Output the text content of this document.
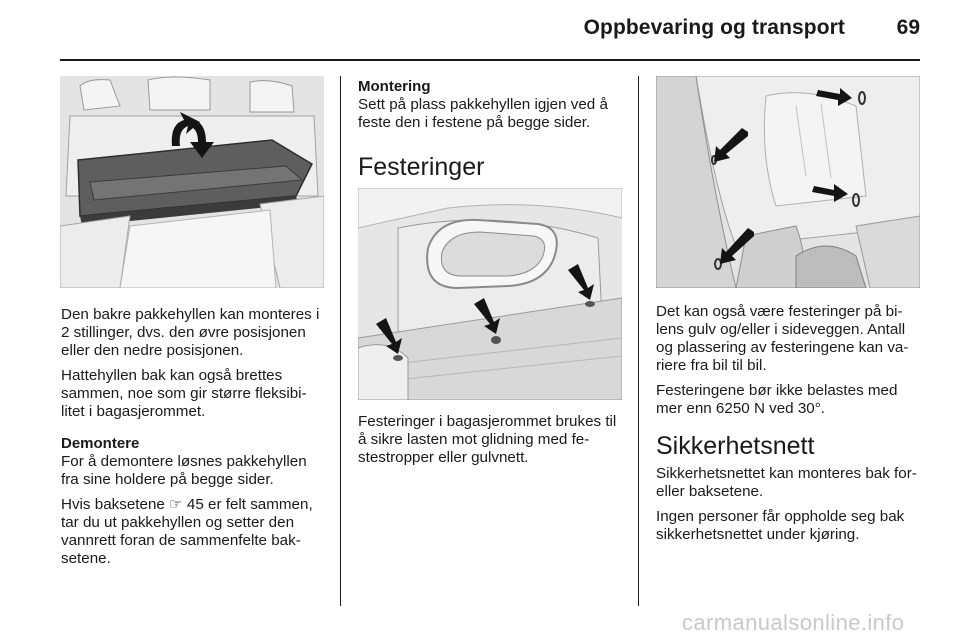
Oppbevaring og transport	69

Den bakre pakkehyllen kan monteres i 2 stillinger, dvs. den øvre posisjonen eller den nedre posisjonen.

Hattehyllen bak kan også brettes sammen, noe som gir større fleksibi-litet i bagasjerommet.

Demontere

For å demontere løsnes pakkehyllen fra sine holdere på begge sider.

Hvis baksetene ☞ 45 er felt sammen, tar du ut pakkehyllen og setter den vannrett foran de sammenfelte bak-setene.

Montering

Sett på plass pakkehyllen igjen ved å feste den i festene på begge sider.

Festeringer

Festeringer i bagasjerommet brukes til å sikre lasten mot glidning med fe-stestropper eller gulvnett.

Det kan også være festeringer på bi-lens gulv og/eller i sideveggen. Antall og plassering av festeringene kan va-riere fra bil til bil.

Festeringene bør ikke belastes med mer enn 6250 N ved 30°.

Sikkerhetsnett

Sikkerhetsnettet kan monteres bak for- eller baksetene.

Ingen personer får oppholde seg bak sikkerhetsnettet under kjøring.

carmanualsonline.info
